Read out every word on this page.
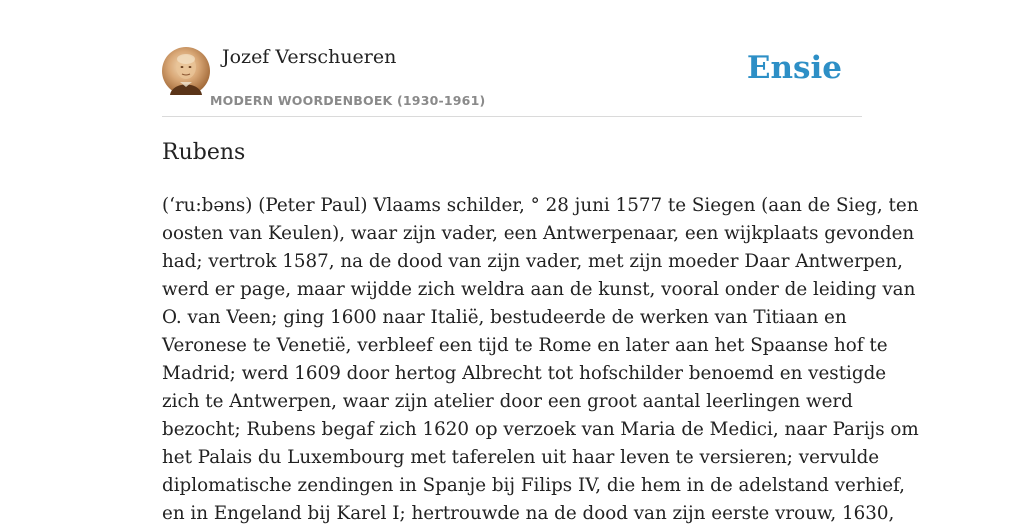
Jozef Verschueren
MODERN WOORDENBOEK (1930-1961)
Ensie
Rubens
(‘ru:bəns) (Peter Paul) Vlaams schilder, ° 28 juni 1577 te Siegen (aan de Sieg, ten
oosten van Keulen), waar zijn vader, een Antwerpenaar, een wijkplaats gevonden
had; vertrok 1587, na de dood van zijn vader, met zijn moeder Daar Antwerpen,
werd er page, maar wijdde zich weldra aan de kunst, vooral onder de leiding van
O. van Veen; ging 1600 naar Italië, bestudeerde de werken van Titiaan en
Veronese te Venetië, verbleef een tijd te Rome en later aan het Spaanse hof te
Madrid; werd 1609 door hertog Albrecht tot hofschilder benoemd en vestigde
zich te Antwerpen, waar zijn atelier door een groot aantal leerlingen werd
bezocht; Rubens begaf zich 1620 op verzoek van Maria de Medici, naar Parijs om
het Palais du Luxembourg met taferelen uit haar leven te versieren; vervulde
diplomatische zendingen in Spanje bij Filips IV, die hem in de adelstand verhief,
en in Engeland bij Karel I; hertrouwde na de dood van zijn eerste vrouw, 1630,
